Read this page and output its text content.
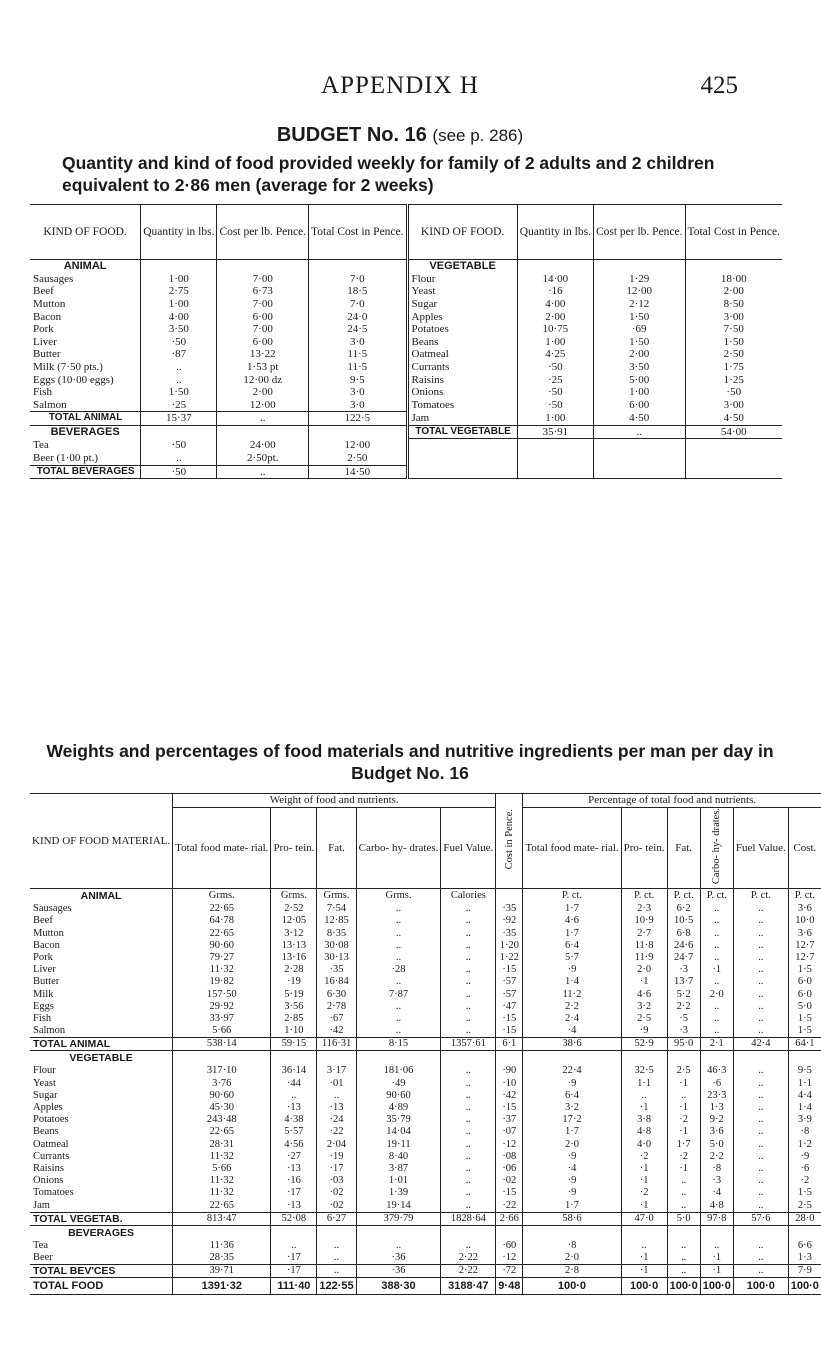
APPENDIX H	425
BUDGET No. 16 (see p. 286)
Quantity and kind of food provided weekly for family of 2 adults and 2 children equivalent to 2·86 men (average for 2 weeks)
KIND OF FOOD.	Quantity in lbs.	Cost per lb. Pence.	Total Cost in Pence.	KIND OF FOOD.	Quantity in lbs.	Cost per lb. Pence.	Total Cost in Pence.
ANIMAL				VEGETABLE			
Sausages	1·00	7·00	7·0	Flour	14·00	1·29	18·00
Beef	2·75	6·73	18·5	Yeast	·16	12·00	2·00
Mutton	1·00	7·00	7·0	Sugar	4·00	2·12	8·50
Bacon	4·00	6·00	24·0	Apples	2·00	1·50	3·00
Pork	3·50	7·00	24·5	Potatoes	10·75	·69	7·50
Liver	·50	6·00	3·0	Beans	1·00	1·50	1·50
Butter	·87	13·22	11·5	Oatmeal	4·25	2·00	2·50
Milk (7·50 pts.)	..	1·53 pt	11·5	Currants	·50	3·50	1·75
Eggs (10·00 eggs)	..	12·00 dz	9·5	Raisins	·25	5·00	1·25
Fish	1·50	2·00	3·0	Onions	·50	1·00	·50
Salmon	·25	12·00	3·0	Tomatoes	·50	6·00	3·00
TOTAL ANIMAL	15·37	..	122·5	Jam	1·00	4·50	4·50
BEVERAGES				TOTAL VEGETABLE	35·91	..	54·00
Tea	·50	24·00	12·00				
Beer (1·00 pt.)	..	2·50pt.	2·50				
TOTAL BEVERAGES	·50	..	14·50				
Weights and percentages of food materials and nutritive ingredients per man per day in Budget No. 16
KIND OF FOOD MATERIAL.	Weight of food and nutrients.					Cost in Pence.	Percentage of total food and nutrients.					
	Total food mate- rial.	Pro- tein.	Fat.	Carbo- hy- drates.	Fuel Value.		Total food mate- rial.	Pro- tein.	Fat.	Carbo- hy- drates.	Fuel Value.	Cost.
ANIMAL	Grms.	Grms.	Grms.	Grms.	Calories		P. ct.	P. ct.	P. ct.	P. ct.	P. ct.	P. ct.
Sausages	22·65	2·52	7·54	..	..	·35	1·7	2·3	6·2	..	..	3·6
Beef	64·78	12·05	12·85	..	..	·92	4·6	10·9	10·5	..	..	10·0
Mutton	22·65	3·12	8·35	..	..	·35	1·7	2·7	6·8	..	..	3·6
Bacon	90·60	13·13	30·08	..	..	1·20	6·4	11·8	24·6	..	..	12·7
Pork	79·27	13·16	30·13	..	..	1·22	5·7	11·9	24·7	..	..	12·7
Liver	11·32	2·28	·35	·28	..	·15	·9	2·0	·3	·1	..	1·5
Butter	19·82	·19	16·84	..	..	·57	1·4	·1	13·7	..	..	6·0
Milk	157·50	5·19	6·30	7·87	..	·57	11·2	4·6	5·2	2·0	..	6·0
Eggs	29·92	3·56	2·78	..	..	·47	2·2	3·2	2·2	..	..	5·0
Fish	33·97	2·85	·67	..	..	·15	2·4	2·5	·5	..	..	1·5
Salmon	5·66	1·10	·42	..	..	·15	·4	·9	·3	..	..	1·5
TOTAL ANIMAL	538·14	59·15	116·31	8·15	1357·61	6·1	38·6	52·9	95·0	2·1	42·4	64·1
VEGETABLE												
Flour	317·10	36·14	3·17	181·06	..	·90	22·4	32·5	2·5	46·3	..	9·5
Yeast	3·76	·44	·01	·49	..	·10	·9	1·1	·1	·6	..	1·1
Sugar	90·60	..	..	90·60	..	·42	6·4	..	..	23·3	..	4·4
Apples	45·30	·13	·13	4·89	..	·15	3·2	·1	·1	1·3	..	1·4
Potatoes	243·48	4·38	·24	35·79	..	·37	17·2	3·8	·2	9·2	..	3·9
Beans	22·65	5·57	·22	14·04	..	·07	1·7	4·8	·1	3·6	..	·8
Oatmeal	28·31	4·56	2·04	19·11	..	·12	2·0	4·0	1·7	5·0	..	1·2
Currants	11·32	·27	·19	8·40	..	·08	·9	·2	·2	2·2	..	·9
Raisins	5·66	·13	·17	3·87	..	·06	·4	·1	·1	·8	..	·6
Onions	11·32	·16	·03	1·01	..	·02	·9	·1	..	·3	..	·2
Tomatoes	11·32	·17	·02	1·39	..	·15	·9	·2	..	·4	..	1·5
Jam	22·65	·13	·02	19·14	..	·22	1·7	·1	..	4·8	..	2·5
TOTAL VEGETAB.	813·47	52·08	6·27	379·79	1828·64	2·66	58·6	47·0	5·0	97·8	57·6	28·0
BEVERAGES												
Tea	11·36	..	..	..	..	·60	·8	..	..	..	..	6·6
Beer	28·35	·17	..	·36	2·22	·12	2·0	·1	..	·1	..	1·3
TOTAL BEV'CES	39·71	·17	..	·36	2·22	·72	2·8	·1	..	·1	..	7·9
TOTAL FOOD	1391·32	111·40	122·55	388·30	3188·47	9·48	100·0	100·0	100·0	100·0	100·0	100·0
